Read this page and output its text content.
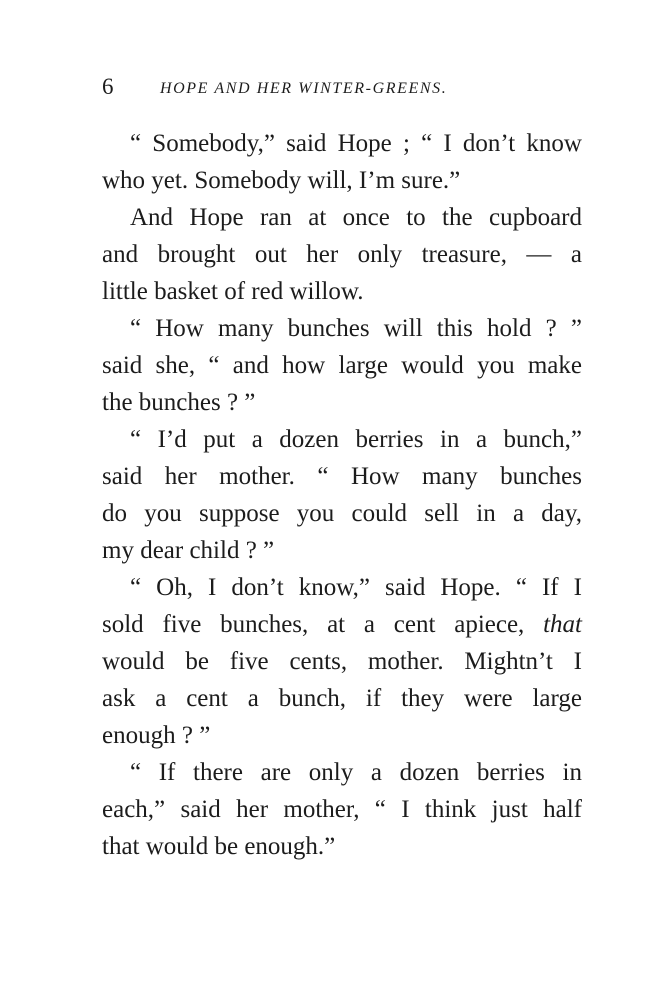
6	HOPE AND HER WINTER-GREENS.

“ Somebody,” said Hope ; “ I don’t know
who yet. Somebody will, I’m sure.”

And Hope ran at once to the cupboard
and brought out her only treasure, — a
little basket of red willow.

“ How many bunches will this hold ? ”
said she, “ and how large would you make
the bunches ? ”

“ I’d put a dozen berries in a bunch,”
said her mother. “ How many bunches
do you suppose you could sell in a day,
my dear child ? ”

“ Oh, I don’t know,” said Hope. “ If I
sold five bunches, at a cent apiece, that
would be five cents, mother. Mightn’t I
ask a cent a bunch, if they were large
enough ? ”

“ If there are only a dozen berries in
each,” said her mother, “ I think just half
that would be enough.”
